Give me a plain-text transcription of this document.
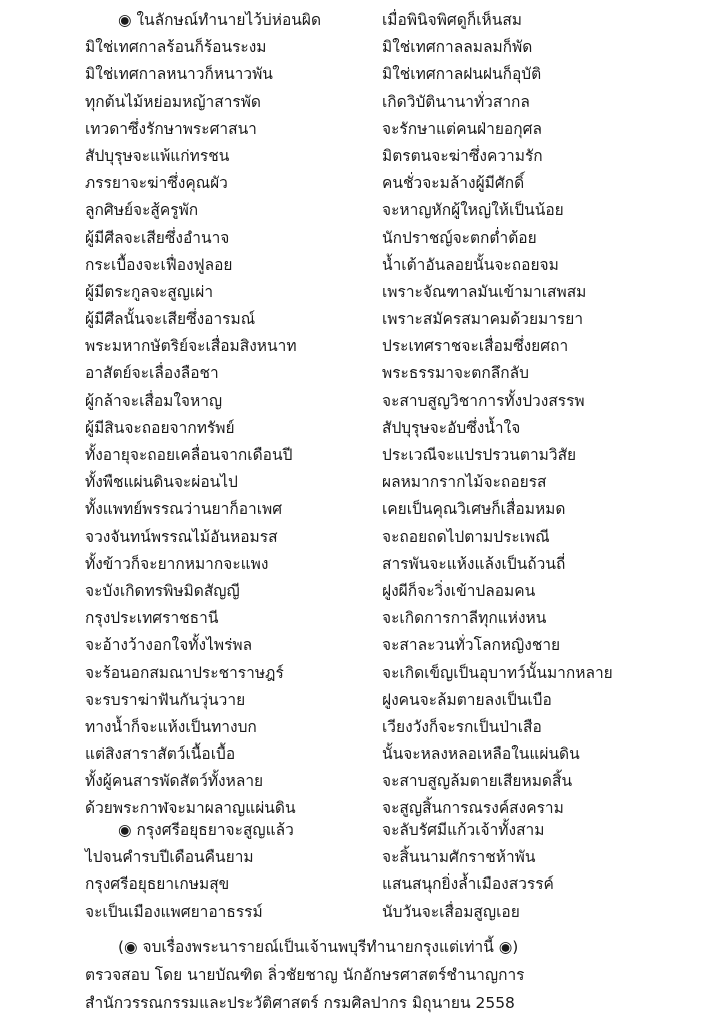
◉ ในลักษณ์ทำนายไว้บ่ห่อนผิด	เมื่อพินิจพิศดูก็เห็นสม
มิใช่เทศกาลร้อนก็ร้อนระงม	มิใช่เทศกาลลมลมก็พัด
มิใช่เทศกาลหนาวก็หนาวพัน	มิใช่เทศกาลฝนฝนก็อุบัติ
ทุกต้นไม้หย่อมหญ้าสารพัด	เกิดวิบัตินานาทั่วสากล
เทวดาซึ่งรักษาพระศาสนา	จะรักษาแต่คนฝ่ายอกุศล
สัปบุรุษจะแพ้แก่ทรชน	มิตรตนจะฆ่าซึ่งความรัก
ภรรยาจะฆ่าซึ่งคุณผัว	คนชั่วจะมล้างผู้มีศักดิ์
ลูกศิษย์จะสู้ครูพัก	จะหาญหักผู้ใหญ่ให้เป็นน้อย
ผู้มีศีลจะเสียซึ่งอำนาจ	นักปราชญ์จะตกต่ำต้อย
กระเบื้องจะเฟื่องฟูลอย	น้ำเต้าอันลอยนั้นจะถอยจม
ผู้มีตระกูลจะสูญเผ่า	เพราะจัณฑาลมันเข้ามาเสพสม
ผู้มีศีลนั้นจะเสียซึ่งอารมณ์	เพราะสมัครสมาคมด้วยมารยา
พระมหากษัตริย์จะเสื่อมสิงหนาท	ประเทศราชจะเสื่อมซึ่งยศถา
อาสัตย์จะเลื่องลือชา	พระธรรมาจะตกลึกลับ
ผู้กล้าจะเสื่อมใจหาญ	จะสาบสูญวิชาการทั้งปวงสรรพ
ผู้มีสินจะถอยจากทรัพย์	สัปบุรุษจะอับซึ่งน้ำใจ
ทั้งอายุจะถอยเคลื่อนจากเดือนปี	ประเวณีจะแปรปรวนตามวิสัย
ทั้งพืชแผ่นดินจะผ่อนไป	ผลหมากรากไม้จะถอยรส
ทั้งแพทย์พรรณว่านยาก็อาเพศ	เคยเป็นคุณวิเศษก็เสื่อมหมด
จวงจันทน์พรรณไม้อันหอมรส	จะถอยถดไปตามประเพณี
ทั้งข้าวก็จะยากหมากจะแพง	สารพันจะแห้งแล้งเป็นถ้วนถี่
จะบังเกิดทรพิษมิดสัญญี	ฝูงผีก็จะวิ่งเข้าปลอมคน
กรุงประเทศราชธานี	จะเกิดการกาลีทุกแห่งหน
จะอ้างว้างอกใจทั้งไพร่พล	จะสาละวนทั่วโลกหญิงชาย
จะร้อนอกสมณาประชาราษฎร์	จะเกิดเข็ญเป็นอุบาทว์นั้นมากหลาย
จะรบราฆ่าฟันกันวุ่นวาย	ฝูงคนจะล้มตายลงเป็นเบือ
ทางน้ำก็จะแห้งเป็นทางบก	เวียงวังก็จะรกเป็นป่าเสือ
แต่สิงสาราสัตว์เนื้อเบื้อ	นั้นจะหลงหลอเหลือในแผ่นดิน
ทั้งผู้คนสารพัดสัตว์ทั้งหลาย	จะสาบสูญล้มตายเสียหมดสิ้น
ด้วยพระกาฬจะมาผลาญแผ่นดิน	จะสูญสิ้นการณรงค์สงคราม
◉ กรุงศรีอยุธยาจะสูญแล้ว	จะลับรัศมีแก้วเจ้าทั้งสาม
ไปจนคำรบปีเดือนคืนยาม	จะสิ้นนามศักราชห้าพัน
กรุงศรีอยุธยาเกษมสุข	แสนสนุกยิ่งล้ำเมืองสวรรค์
จะเป็นเมืองแพศยาอาธรรม์	นับวันจะเสื่อมสูญเอย
(◉ จบเรื่องพระนารายณ์เป็นเจ้านพบุรีทำนายกรุงแต่เท่านี้ ◉)
ตรวจสอบ โดย นายบัณฑิต ลิ่วชัยชาญ นักอักษรศาสตร์ชำนาญการ
สำนักวรรณกรรมและประวัติศาสตร์ กรมศิลปากร มิถุนายน 2558
